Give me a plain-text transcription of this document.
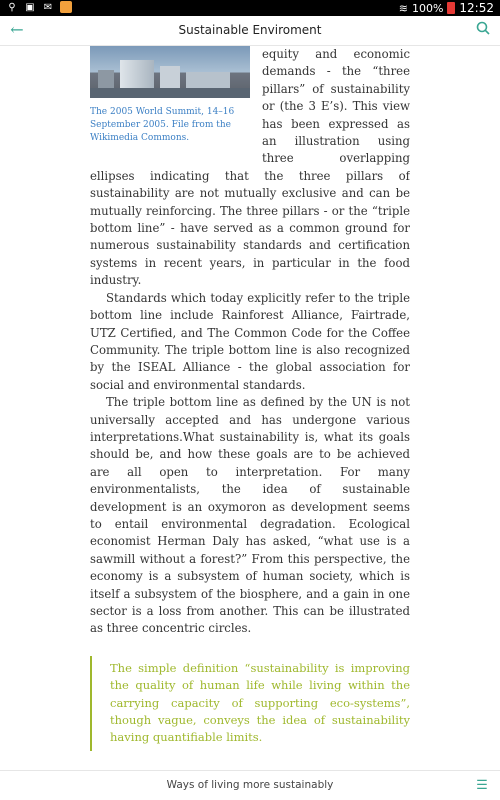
⚲ ▣ ✉	≋ 100% 12:52
←	Sustainable Enviroment
The 2005 World Summit, 14–16 September 2005. File from the Wikimedia Commons.

equity and economic demands - the “three pillars” of sustainability or (the 3 E’s). This view has been expressed as an illustration using three overlapping ellipses indicating that the three pillars of sustainability are not mutually exclusive and can be mutually reinforcing. The three pillars - or the “triple bottom line” - have served as a common ground for numerous sustainability standards and certification systems in recent years, in particular in the food industry.

Standards which today explicitly refer to the triple bottom line include Rainforest Alliance, Fairtrade, UTZ Certified, and The Common Code for the Coffee Community. The triple bottom line is also recognized by the ISEAL Alliance - the global association for social and environmental standards.

The triple bottom line as defined by the UN is not universally accepted and has undergone various interpretations.What sustainability is, what its goals should be, and how these goals are to be achieved are all open to interpretation. For many environmentalists, the idea of sustainable development is an oxymoron as development seems to entail environmental degradation. Ecological economist Herman Daly has asked, “what use is a sawmill without a forest?” From this perspective, the economy is a subsystem of human society, which is itself a subsystem of the biosphere, and a gain in one sector is a loss from another. This can be illustrated as three concentric circles.

The simple definition “sustainability is improving the quality of human life while living within the carrying capacity of supporting eco-systems”, though vague, conveys the idea of sustainability having quantifiable limits.

Ways of living more sustainably	☰
